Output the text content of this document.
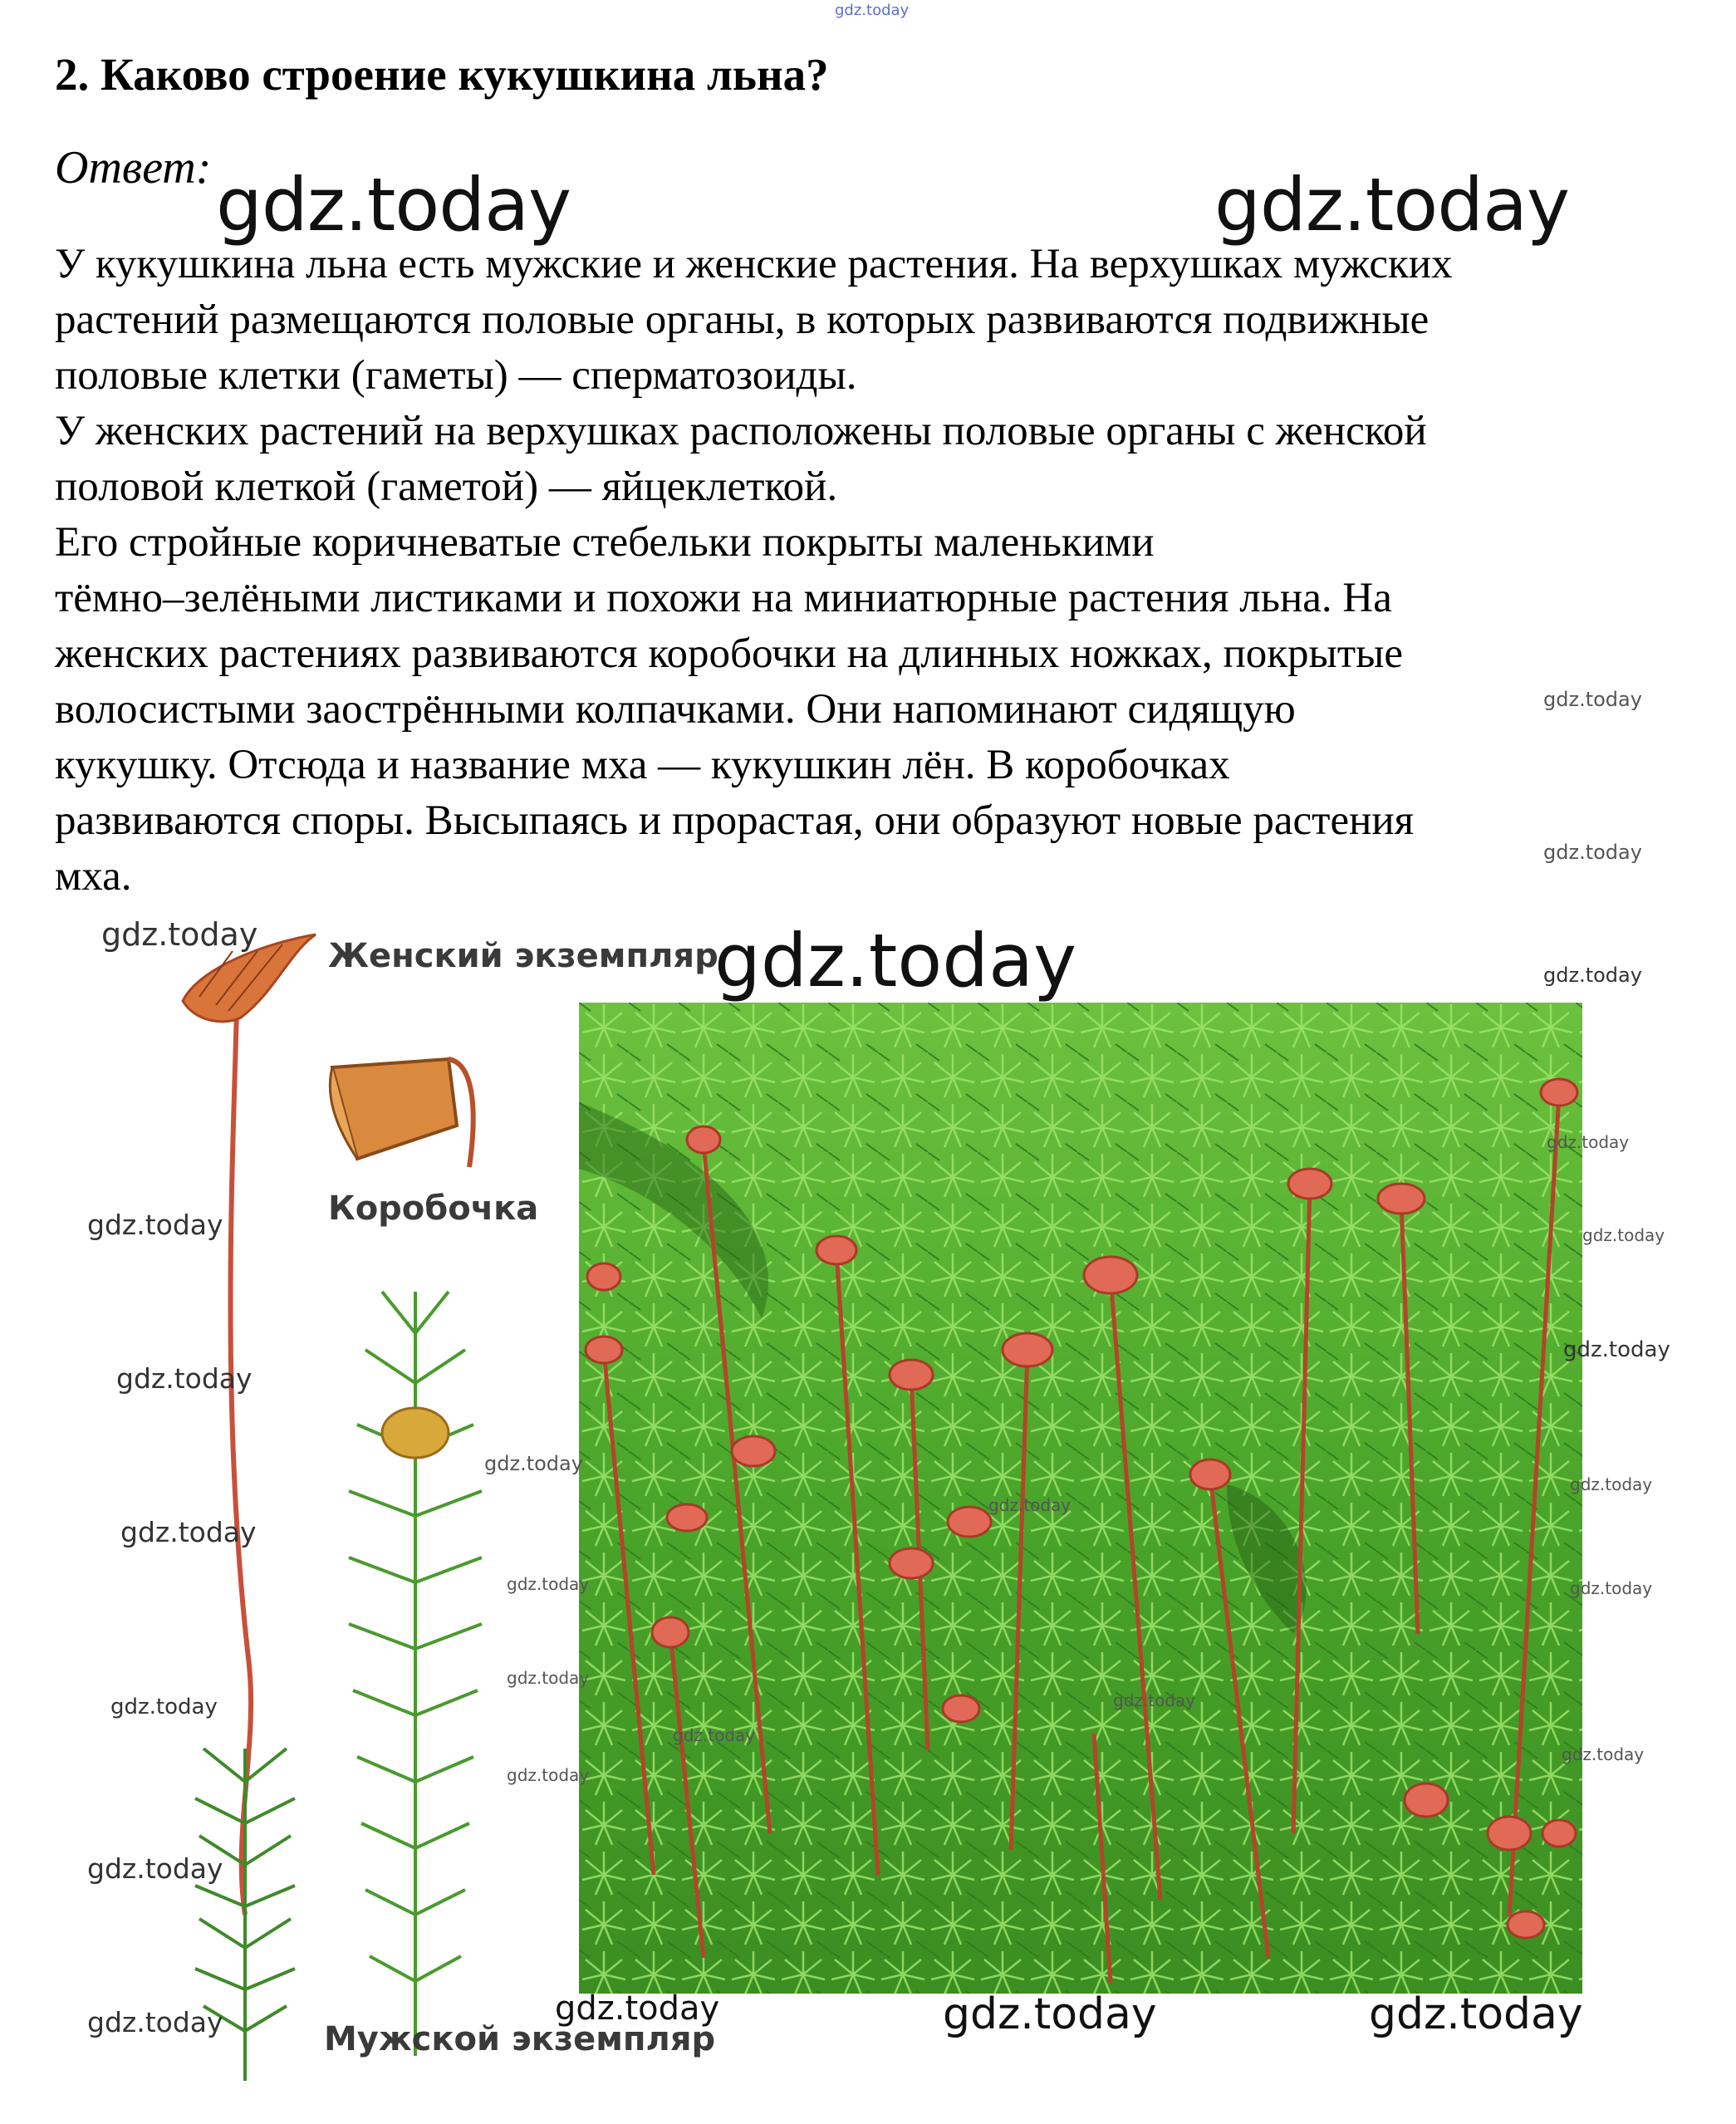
gdz.today
2. Каково строение кукушкина льна?
Ответ: gdz.today	gdz.today
У кукушкина льна есть мужские и женские растения. На верхушках мужских
растений размещаются половые органы, в которых развиваются подвижные
половые клетки (гаметы) — сперматозоиды.
У женских растений на верхушках расположены половые органы с женской
половой клеткой (гаметой) — яйцеклеткой.
Его стройные коричневатые стебельки покрыты маленькими
тёмно–зелёными листиками и похожи на миниатюрные растения льна. На
женских растениях развиваются коробочки на длинных ножках, покрытые
волосистыми заострёнными колпачками. Они напоминают сидящую
кукушку. Отсюда и название мха — кукушкин лён. В коробочках
развиваются споры. Высыпаясь и прорастая, они образуют новые растения
мха.
gdz.today
gdz.today
Женский экземпляр
Коробочка
Мужской экземпляр
gdz.today
gdz.today
gdz.today
gdz.today
gdz.today
gdz.today
gdz.today
gdz.today
gdz.today
gdz.today
gdz.today
gdz.today
gdz.today
gdz.today
gdz.today
gdz.today
gdz.today
gdz.today
gdz.today
gdz.today
gdz.today
gdz.today
gdz.today	gdz.today	gdz.today
